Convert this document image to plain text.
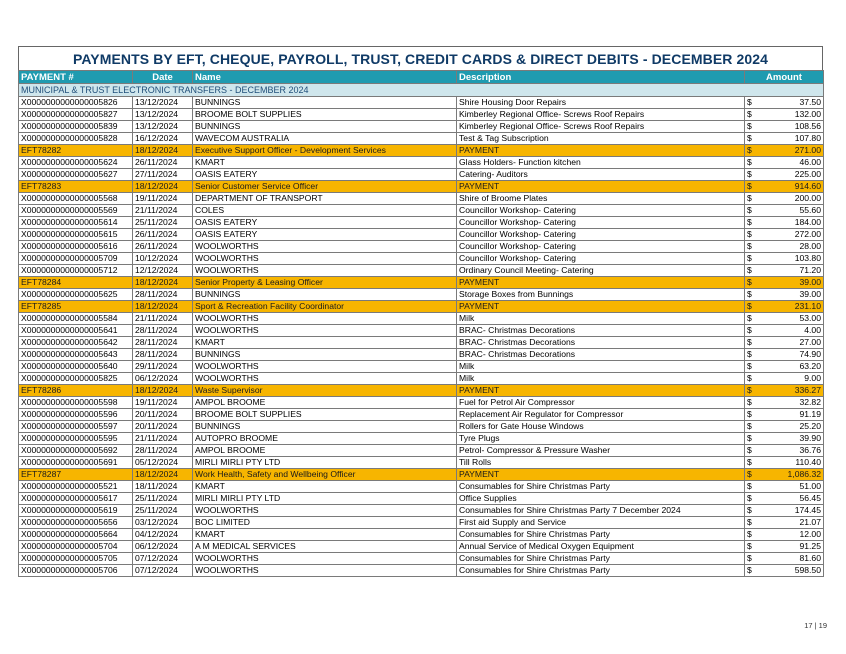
PAYMENTS BY EFT, CHEQUE, PAYROLL, TRUST, CREDIT CARDS & DIRECT DEBITS - DECEMBER 2024
PAYMENT #	Date	Name	Description	Amount
MUNICIPAL & TRUST ELECTRONIC TRANSFERS - DECEMBER 2024				
X0000000000000005826	13/12/2024	BUNNINGS	Shire Housing Door Repairs	$ 37.50

X0000000000000005827	13/12/2024	BROOME BOLT SUPPLIES	Kimberley Regional Office- Screws Roof Repairs	$ 132.00

X0000000000000005839	13/12/2024	BUNNINGS	Kimberley Regional Office- Screws Roof Repairs	$ 108.56

X0000000000000005828	16/12/2024	WAVECOM AUSTRALIA	Test & Tag Subscription	$ 107.80

EFT78282	18/12/2024	Executive Support Officer - Development Services	PAYMENT	$ 271.00

X0000000000000005624	26/11/2024	KMART	Glass Holders- Function kitchen	$ 46.00

X0000000000000005627	27/11/2024	OASIS EATERY	Catering- Auditors	$ 225.00

EFT78283	18/12/2024	Senior Customer Service Officer	PAYMENT	$ 914.60

X0000000000000005568	19/11/2024	DEPARTMENT OF TRANSPORT	Shire of Broome Plates	$ 200.00

X0000000000000005569	21/11/2024	COLES	Councillor Workshop- Catering	$ 55.60

X0000000000000005614	25/11/2024	OASIS EATERY	Councillor Workshop- Catering	$ 184.00

X0000000000000005615	26/11/2024	OASIS EATERY	Councillor Workshop- Catering	$ 272.00

X0000000000000005616	26/11/2024	WOOLWORTHS	Councillor Workshop- Catering	$ 28.00

X0000000000000005709	10/12/2024	WOOLWORTHS	Councillor Workshop- Catering	$ 103.80

X0000000000000005712	12/12/2024	WOOLWORTHS	Ordinary Council Meeting- Catering	$ 71.20

EFT78284	18/12/2024	Senior Property & Leasing Officer	PAYMENT	$ 39.00

X0000000000000005625	28/11/2024	BUNNINGS	Storage Boxes from Bunnings	$ 39.00

EFT78285	18/12/2024	Sport & Recreation Facility Coordinator	PAYMENT	$ 231.10

X0000000000000005584	21/11/2024	WOOLWORTHS	Milk	$ 53.00

X0000000000000005641	28/11/2024	WOOLWORTHS	BRAC- Christmas Decorations	$ 4.00

X0000000000000005642	28/11/2024	KMART	BRAC- Christmas Decorations	$ 27.00

X0000000000000005643	28/11/2024	BUNNINGS	BRAC- Christmas Decorations	$ 74.90

X0000000000000005640	29/11/2024	WOOLWORTHS	Milk	$ 63.20

X0000000000000005825	06/12/2024	WOOLWORTHS	Milk	$ 9.00

EFT78286	18/12/2024	Waste Supervisor	PAYMENT	$ 336.27

X0000000000000005598	19/11/2024	AMPOL BROOME	Fuel for Petrol Air Compressor	$ 32.82

X0000000000000005596	20/11/2024	BROOME BOLT SUPPLIES	Replacement Air Regulator for Compressor	$ 91.19

X0000000000000005597	20/11/2024	BUNNINGS	Rollers for Gate House Windows	$ 25.20

X0000000000000005595	21/11/2024	AUTOPRO BROOME	Tyre Plugs	$ 39.90

X0000000000000005692	28/11/2024	AMPOL BROOME	Petrol- Compressor & Pressure Washer	$ 36.76

X0000000000000005691	05/12/2024	MIRLI MIRLI PTY LTD	Till Rolls	$ 110.40

EFT78287	18/12/2024	Work Health, Safety and Wellbeing Officer	PAYMENT	$ 1,086.32

X0000000000000005521	18/11/2024	KMART	Consumables for Shire Christmas Party	$ 51.00

X0000000000000005617	25/11/2024	MIRLI MIRLI PTY LTD	Office Supplies	$ 56.45

X0000000000000005619	25/11/2024	WOOLWORTHS	Consumables for Shire Christmas Party 7 December 2024	$ 174.45

X0000000000000005656	03/12/2024	BOC LIMITED	First aid Supply and Service	$ 21.07

X0000000000000005664	04/12/2024	KMART	Consumables for Shire Christmas Party	$ 12.00

X0000000000000005704	06/12/2024	A M MEDICAL SERVICES	Annual Service of Medical Oxygen Equipment	$ 91.25

X0000000000000005705	07/12/2024	WOOLWORTHS	Consumables for Shire Christmas Party	$ 81.60

X0000000000000005706	07/12/2024	WOOLWORTHS	Consumables for Shire Christmas Party	$ 598.50
17 | 19
